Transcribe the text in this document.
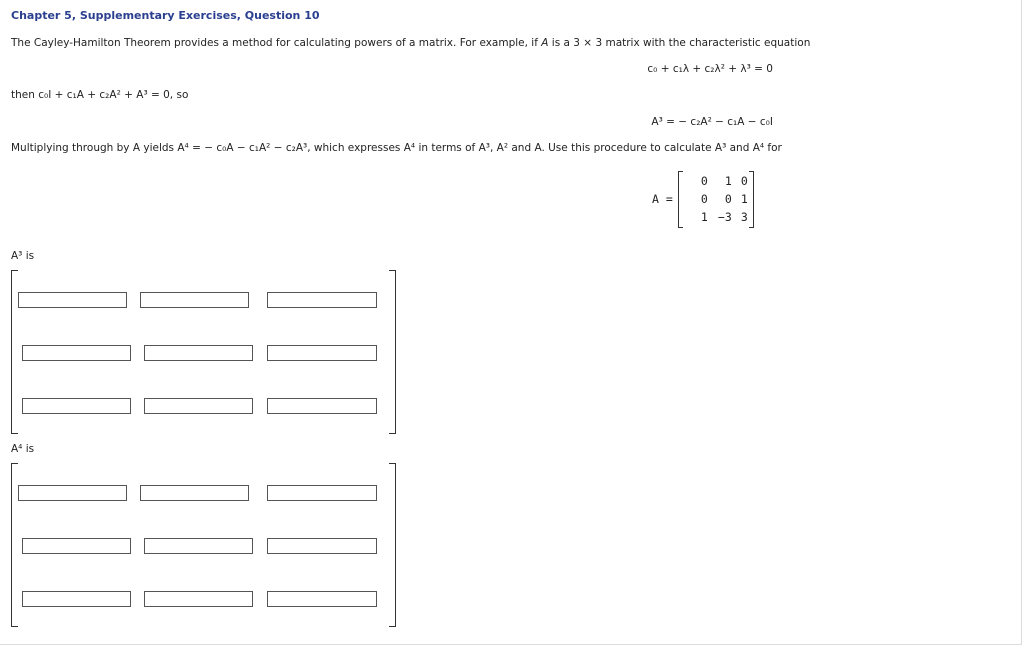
Chapter 5, Supplementary Exercises, Question 10
The Cayley-Hamilton Theorem provides a method for calculating powers of a matrix. For example, if A is a 3 × 3 matrix with the characteristic equation
c₀ + c₁λ + c₂λ² + λ³ = 0
then c₀I + c₁A + c₂A² + A³ = 0, so
A³ = − c₂A² − c₁A − c₀I
Multiplying through by A yields A⁴ = − c₀A − c₁A² − c₂A³, which expresses A⁴ in terms of A³, A² and A. Use this procedure to calculate A³ and A⁴ for
A =
0	1 0
0	0 1
1 −3 3
A³ is
A⁴ is
